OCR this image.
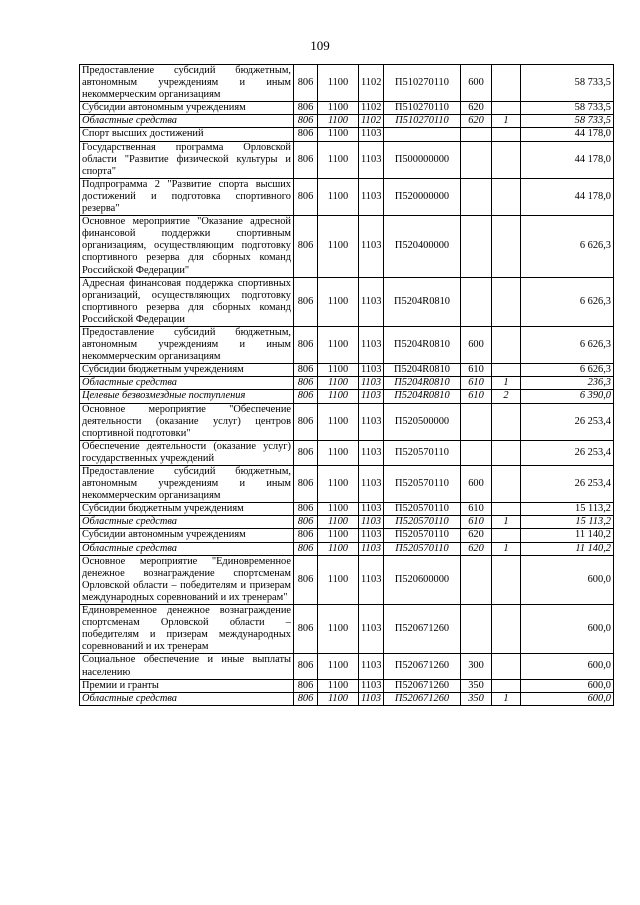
109
Предоставление субсидий бюджетным, автономным учреждениям и иным некоммерческим организациям	806	1100	1102	П510270110	600		58 733,5
Субсидии автономным учреждениям	806	1100	1102	П510270110	620		58 733,5
Областные средства	806	1100	1102	П510270110	620	1	58 733,5
Спорт высших достижений	806	1100	1103				44 178,0
Государственная программа Орловской области "Развитие физической культуры и спорта"	806	1100	1103	П500000000			44 178,0
Подпрограмма 2 "Развитие спорта высших достижений и подготовка спортивного резерва"	806	1100	1103	П520000000			44 178,0
Основное мероприятие "Оказание адресной финансовой поддержки спортивным организациям, осуществляющим подготовку спортивного резерва для сборных команд Российской Федерации"	806	1100	1103	П520400000			6 626,3
Адресная финансовая поддержка спортивных организаций, осуществляющих подготовку спортивного резерва для сборных команд Российской Федерации	806	1100	1103	П5204R0810			6 626,3
Предоставление субсидий бюджетным, автономным учреждениям и иным некоммерческим организациям	806	1100	1103	П5204R0810	600		6 626,3
Субсидии бюджетным учреждениям	806	1100	1103	П5204R0810	610		6 626,3
Областные средства	806	1100	1103	П5204R0810	610	1	236,3
Целевые безвозмездные поступления	806	1100	1103	П5204R0810	610	2	6 390,0
Основное мероприятие "Обеспечение деятельности (оказание услуг) центров спортивной подготовки"	806	1100	1103	П520500000			26 253,4
Обеспечение деятельности (оказание услуг) государственных учреждений	806	1100	1103	П520570110			26 253,4
Предоставление субсидий бюджетным, автономным учреждениям и иным некоммерческим организациям	806	1100	1103	П520570110	600		26 253,4
Субсидии бюджетным учреждениям	806	1100	1103	П520570110	610		15 113,2
Областные средства	806	1100	1103	П520570110	610	1	15 113,2
Субсидии автономным учреждениям	806	1100	1103	П520570110	620		11 140,2
Областные средства	806	1100	1103	П520570110	620	1	11 140,2
Основное мероприятие "Единовременное денежное вознаграждение спортсменам Орловской области – победителям и призерам международных соревнований и их тренерам"	806	1100	1103	П520600000			600,0
Единовременное денежное вознаграждение спортсменам Орловской области – победителям и призерам международных соревнований и их тренерам	806	1100	1103	П520671260			600,0
Социальное обеспечение и иные выплаты населению	806	1100	1103	П520671260	300		600,0
Премии и гранты	806	1100	1103	П520671260	350		600,0
Областные средства	806	1100	1103	П520671260	350	1	600,0
